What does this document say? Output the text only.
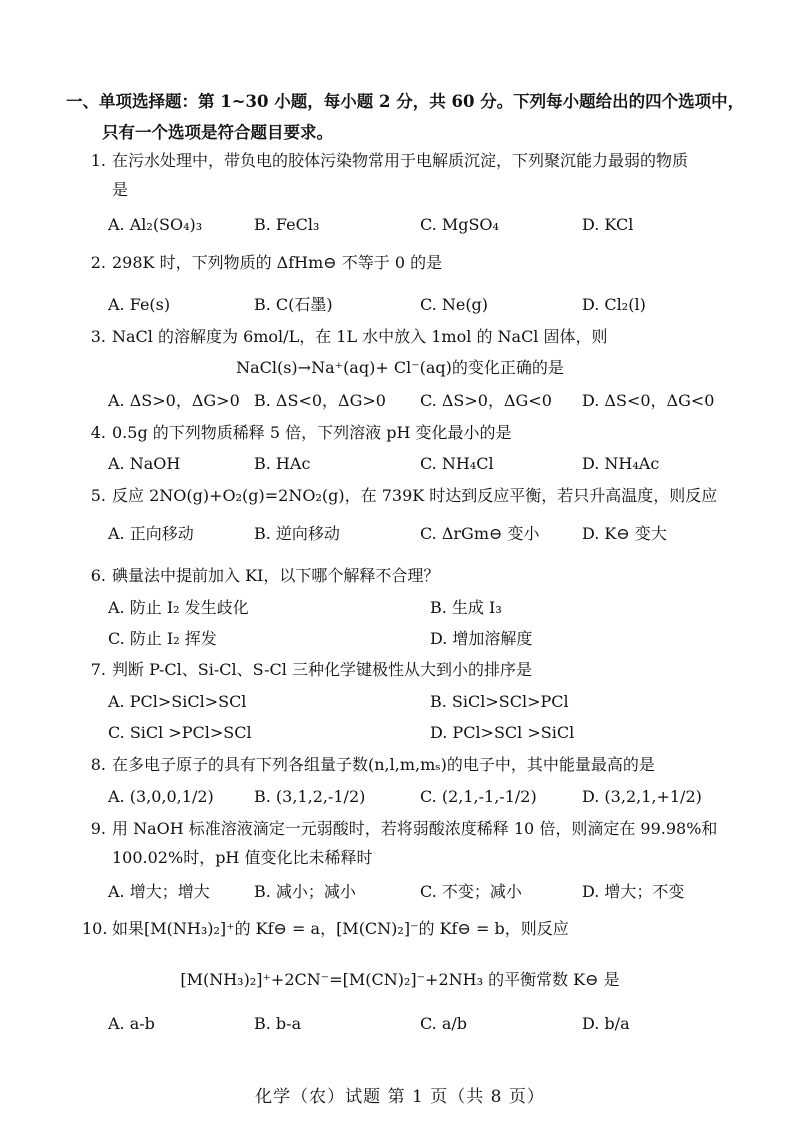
一、单项选择题：第 1~30 小题，每小题 2 分，共 60 分。下列每小题给出的四个选项中，
只有一个选项是符合题目要求。
1. 在污水处理中，带负电的胶体污染物常用于电解质沉淀，下列聚沉能力最弱的物质
是
A. Al₂(SO₄)₃	B. FeCl₃	C. MgSO₄	D. KCl
2. 298K 时，下列物质的 ΔfHm⊖ 不等于 0 的是
A. Fe(s)	B. C(石墨)	C. Ne(g)	D. Cl₂(l)
3. NaCl 的溶解度为 6mol/L，在 1L 水中放入 1mol 的 NaCl 固体，则
NaCl(s)→Na⁺(aq)+ Cl⁻(aq)的变化正确的是
A. ΔS>0，ΔG>0 B. ΔS<0，ΔG>0 C. ΔS>0，ΔG<0 D. ΔS<0，ΔG<0
4. 0.5g 的下列物质稀释 5 倍，下列溶液 pH 变化最小的是
A. NaOH	B. HAc	C. NH₄Cl	D. NH₄Ac
5. 反应 2NO(g)+O₂(g)=2NO₂(g)，在 739K 时达到反应平衡，若只升高温度，则反应
A. 正向移动	B. 逆向移动	C. ΔrGm⊖ 变小	D. K⊖ 变大
6. 碘量法中提前加入 KI，以下哪个解释不合理？
A. 防止 I₂ 发生歧化	B. 生成 I₃
C. 防止 I₂ 挥发	D. 增加溶解度
7. 判断 P-Cl、Si-Cl、S-Cl 三种化学键极性从大到小的排序是
A. PCl>SiCl>SCl	B. SiCl>SCl>PCl
C. SiCl >PCl>SCl	D. PCl>SCl >SiCl
8. 在多电子原子的具有下列各组量子数(n,l,m,mₛ)的电子中，其中能量最高的是
A. (3,0,0,1/2)	B. (3,1,2,-1/2)	C. (2,1,-1,-1/2)	D. (3,2,1,+1/2)
9. 用 NaOH 标准溶液滴定一元弱酸时，若将弱酸浓度稀释 10 倍，则滴定在 99.98%和
100.02%时，pH 值变化比未稀释时
A. 增大；增大	B. 减小；减小	C. 不变；减小	D. 增大；不变
10. 如果[M(NH₃)₂]⁺的 Kf⊖ = a，[M(CN)₂]⁻的 Kf⊖ = b，则反应
[M(NH₃)₂]⁺+2CN⁻=[M(CN)₂]⁻+2NH₃ 的平衡常数 K⊖ 是
A. a-b	B. b-a	C. a/b	D. b/a
化学（农）试题 第 1 页（共 8 页）
